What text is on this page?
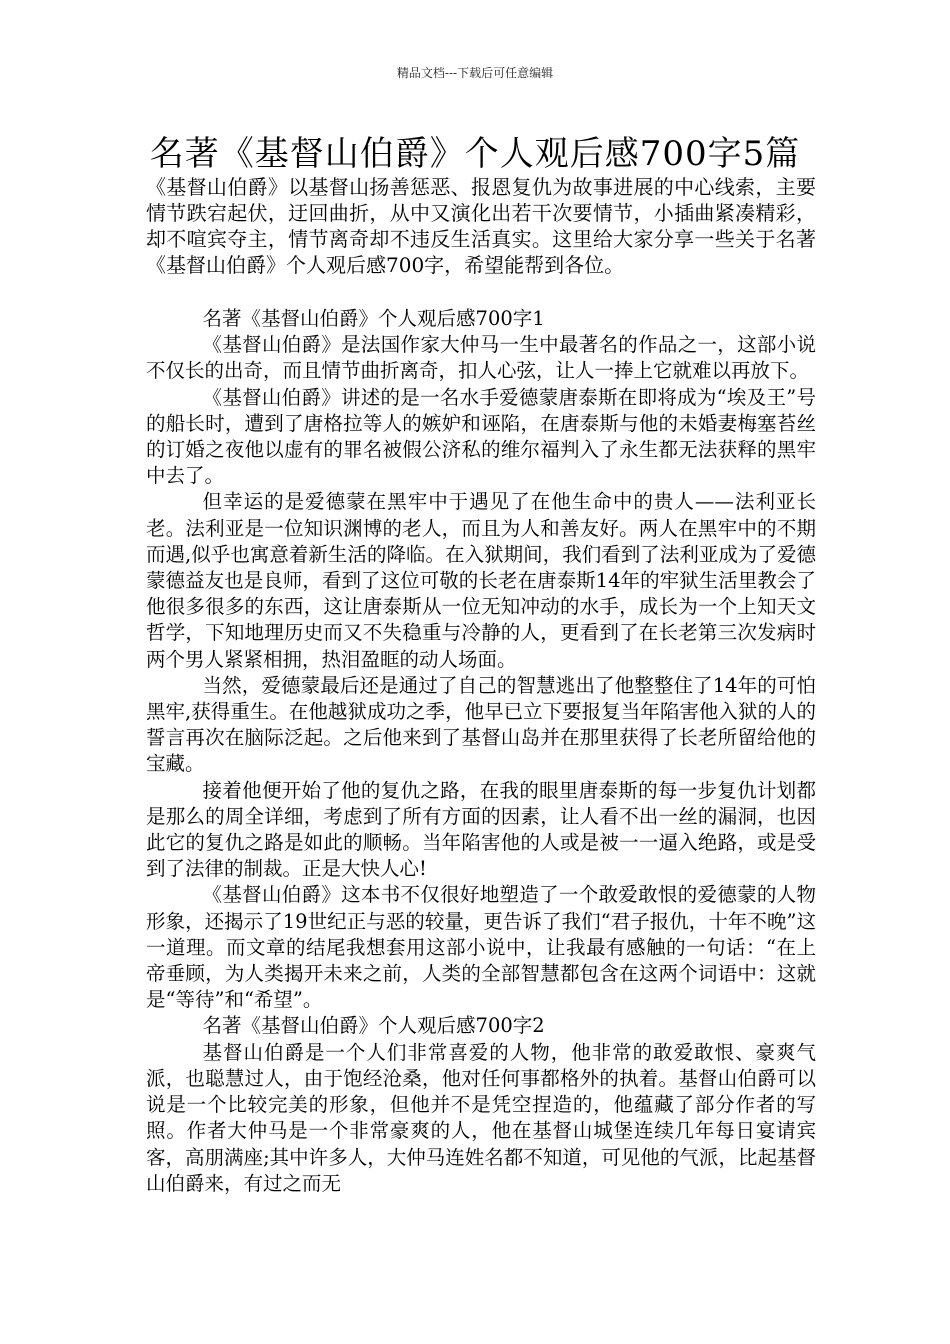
精品文档---下载后可任意编辑
名著《基督山伯爵》个人观后感700字5篇

《基督山伯爵》以基督山扬善惩恶、报恩复仇为故事进展的中心线索，主要情节跌宕起伏，迂回曲折，从中又演化出若干次要情节，小插曲紧凑精彩，却不喧宾夺主，情节离奇却不违反生活真实。这里给大家分享一些关于名著《基督山伯爵》个人观后感700字，希望能帮到各位。

名著《基督山伯爵》个人观后感700字1

《基督山伯爵》是法国作家大仲马一生中最著名的作品之一，这部小说不仅长的出奇，而且情节曲折离奇，扣人心弦，让人一捧上它就难以再放下。

《基督山伯爵》讲述的是一名水手爱德蒙唐泰斯在即将成为“埃及王”号的船长时，遭到了唐格拉等人的嫉妒和诬陷，在唐泰斯与他的未婚妻梅塞苔丝的订婚之夜他以虚有的罪名被假公济私的维尔福判入了永生都无法获释的黑牢中去了。

但幸运的是爱德蒙在黑牢中于遇见了在他生命中的贵人——法利亚长老。法利亚是一位知识渊博的老人，而且为人和善友好。两人在黑牢中的不期而遇,似乎也寓意着新生活的降临。在入狱期间，我们看到了法利亚成为了爱德蒙德益友也是良师，看到了这位可敬的长老在唐泰斯14年的牢狱生活里教会了他很多很多的东西，这让唐泰斯从一位无知冲动的水手，成长为一个上知天文哲学，下知地理历史而又不失稳重与冷静的人，更看到了在长老第三次发病时两个男人紧紧相拥，热泪盈眶的动人场面。

当然，爱德蒙最后还是通过了自己的智慧逃出了他整整住了14年的可怕黑牢,获得重生。在他越狱成功之季，他早已立下要报复当年陷害他入狱的人的誓言再次在脑际泛起。之后他来到了基督山岛并在那里获得了长老所留给他的宝藏。

接着他便开始了他的复仇之路，在我的眼里唐泰斯的每一步复仇计划都是那么的周全详细，考虑到了所有方面的因素，让人看不出一丝的漏洞，也因此它的复仇之路是如此的顺畅。当年陷害他的人或是被一一逼入绝路，或是受到了法律的制裁。正是大快人心!

《基督山伯爵》这本书不仅很好地塑造了一个敢爱敢恨的爱德蒙的人物形象，还揭示了19世纪正与恶的较量，更告诉了我们“君子报仇，十年不晚”这一道理。而文章的结尾我想套用这部小说中，让我最有感触的一句话：“在上帝垂顾，为人类揭开未来之前，人类的全部智慧都包含在这两个词语中：这就是“等待”和“希望”。

名著《基督山伯爵》个人观后感700字2

基督山伯爵是一个人们非常喜爱的人物，他非常的敢爱敢恨、豪爽气派，也聪慧过人，由于饱经沧桑，他对任何事都格外的执着。基督山伯爵可以说是一个比较完美的形象，但他并不是凭空捏造的，他蕴藏了部分作者的写照。作者大仲马是一个非常豪爽的人，他在基督山城堡连续几年每日宴请宾客，高朋满座;其中许多人，大仲马连姓名都不知道，可见他的气派，比起基督山伯爵来，有过之而无
